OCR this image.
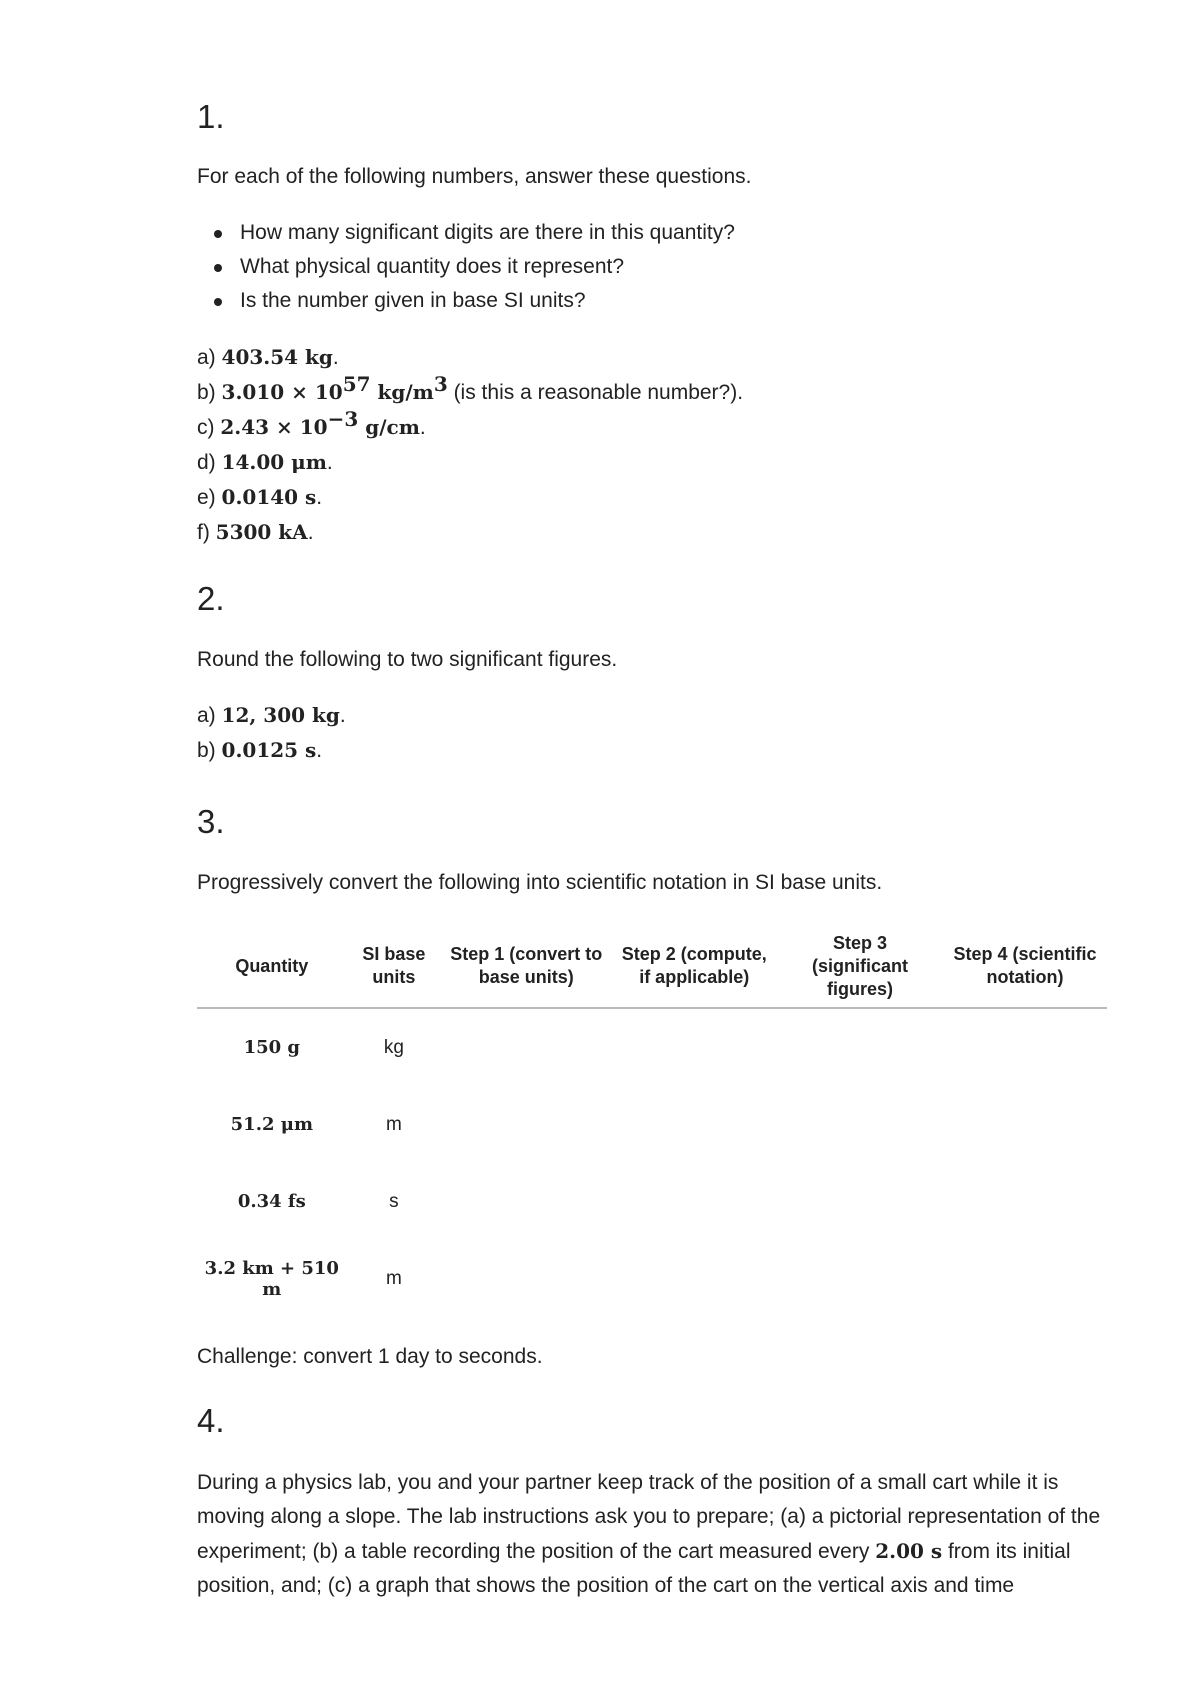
1.

For each of the following numbers, answer these questions.

How many significant digits are there in this quantity?
What physical quantity does it represent?
Is the number given in base SI units?
a) 403.54 kg.
b) $3.010 \times 10^{57}$ $kg/m^3$ (is this a reasonable number?).
c) $2.43 \times 10^{-3}$ g/cm.
d) 14.00 μm.
e) 0.0140 s.
f) 5300 kA.
2.

Round the following to two significant figures.

a) 12, 300 kg.
b) 0.0125 s.
3.

Progressively convert the following into scientific notation in SI base units.

Quantity	SI base units	Step 1 (convert to base units)	Step 2 (compute, if applicable)	Step 3 (significant figures)	Step 4 (scientific notation)
150 g	kg				
51.2 μm	m				
0.34 fs	s				
3.2 km + 510 m	m				

Challenge: convert 1 day to seconds.

4.

During a physics lab, you and your partner keep track of the position of a small cart while it is moving along a slope. The lab instructions ask you to prepare; (a) a pictorial representation of the experiment; (b) a table recording the position of the cart measured every 2.00 s from its initial position, and; (c) a graph that shows the position of the cart on the vertical axis and time
